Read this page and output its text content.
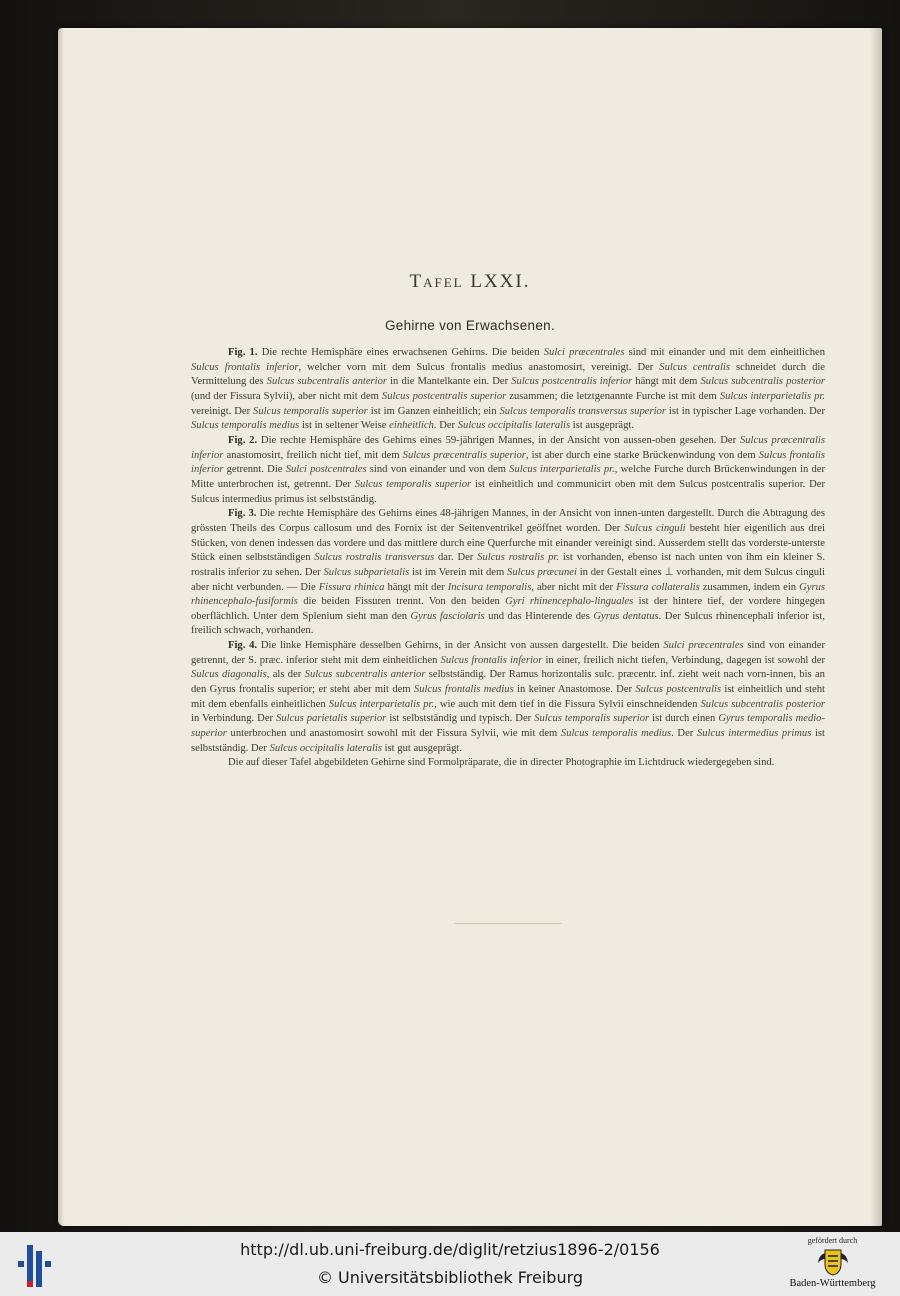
Tafel LXXI.
Gehirne von Erwachsenen.

Fig. 1. Die rechte Hemisphäre eines erwachsenen Gehirns. Die beiden Sulci præcentrales sind mit einander und mit dem einheitlichen Sulcus frontalis inferior, welcher vorn mit dem Sulcus frontalis medius anastomosirt, vereinigt. Der Sulcus centralis schneidet durch die Vermittelung des Sulcus subcentralis anterior in die Mantelkante ein. Der Sulcus postcentralis inferior hängt mit dem Sulcus subcentralis posterior (und der Fissura Sylvii), aber nicht mit dem Sulcus postcentralis superior zusammen; die letztgenannte Furche ist mit dem Sulcus interparietalis pr. vereinigt. Der Sulcus temporalis superior ist im Ganzen einheitlich; ein Sulcus temporalis transversus superior ist in typischer Lage vorhanden. Der Sulcus temporalis medius ist in seltener Weise einheitlich. Der Sulcus occipitalis lateralis ist ausgeprägt.

Fig. 2. Die rechte Hemisphäre des Gehirns eines 59-jährigen Mannes, in der Ansicht von aussen-oben gesehen. Der Sulcus præcentralis inferior anastomosirt, freilich nicht tief, mit dem Sulcus præcentralis superior, ist aber durch eine starke Brückenwindung von dem Sulcus frontalis inferior getrennt. Die Sulci postcentrales sind von einander und von dem Sulcus interparietalis pr., welche Furche durch Brückenwindungen in der Mitte unterbrochen ist, getrennt. Der Sulcus temporalis superior ist einheitlich und communicirt oben mit dem Sulcus postcentralis superior. Der Sulcus intermedius primus ist selbstständig.

Fig. 3. Die rechte Hemisphäre des Gehirns eines 48-jährigen Mannes, in der Ansicht von innen-unten dargestellt. Durch die Abtragung des grössten Theils des Corpus callosum und des Fornix ist der Seitenventrikel geöffnet worden. Der Sulcus cinguli besteht hier eigentlich aus drei Stücken, von denen indessen das vordere und das mittlere durch eine Querfurche mit einander vereinigt sind. Ausserdem stellt das vorderste-unterste Stück einen selbstständigen Sulcus rostralis transversus dar. Der Sulcus rostralis pr. ist vorhanden, ebenso ist nach unten von ihm ein kleiner S. rostralis inferior zu sehen. Der Sulcus subparietalis ist im Verein mit dem Sulcus præcunei in der Gestalt eines ⊥ vorhanden, mit dem Sulcus cinguli aber nicht verbunden. — Die Fissura rhinica hängt mit der Incisura temporalis, aber nicht mit der Fissura collateralis zusammen, indem ein Gyrus rhinencephalo-fusiformis die beiden Fissuren trennt. Von den beiden Gyri rhinencephalo-linguales ist der hintere tief, der vordere hingegen oberflächlich. Unter dem Splenium sieht man den Gyrus fasciolaris und das Hinterende des Gyrus dentatus. Der Sulcus rhinencephali inferior ist, freilich schwach, vorhanden.

Fig. 4. Die linke Hemisphäre desselben Gehirns, in der Ansicht von aussen dargestellt. Die beiden Sulci præcentrales sind von einander getrennt, der S. præc. inferior steht mit dem einheitlichen Sulcus frontalis inferior in einer, freilich nicht tiefen, Verbindung, dagegen ist sowohl der Sulcus diagonalis, als der Sulcus subcentralis anterior selbstständig. Der Ramus horizontalis sulc. præcentr. inf. zieht weit nach vorn-innen, bis an den Gyrus frontalis superior; er steht aber mit dem Sulcus frontalis medius in keiner Anastomose. Der Sulcus postcentralis ist einheitlich und steht mit dem ebenfalls einheitlichen Sulcus interparietalis pr., wie auch mit dem tief in die Fissura Sylvii einschneidenden Sulcus subcentralis posterior in Verbindung. Der Sulcus parietalis superior ist selbstständig und typisch. Der Sulcus temporalis superior ist durch einen Gyrus temporalis medio-superior unterbrochen und anastomosirt sowohl mit der Fissura Sylvii, wie mit dem Sulcus temporalis medius. Der Sulcus intermedius primus ist selbstständig. Der Sulcus occipitalis lateralis ist gut ausgeprägt.

Die auf dieser Tafel abgebildeten Gehirne sind Formolpräparate, die in directer Photographie im Lichtdruck wiedergegeben sind.

http://dl.ub.uni-freiburg.de/diglit/retzius1896-2/0156
© Universitätsbibliothek Freiburg
gefördert durch
Baden-Württemberg
